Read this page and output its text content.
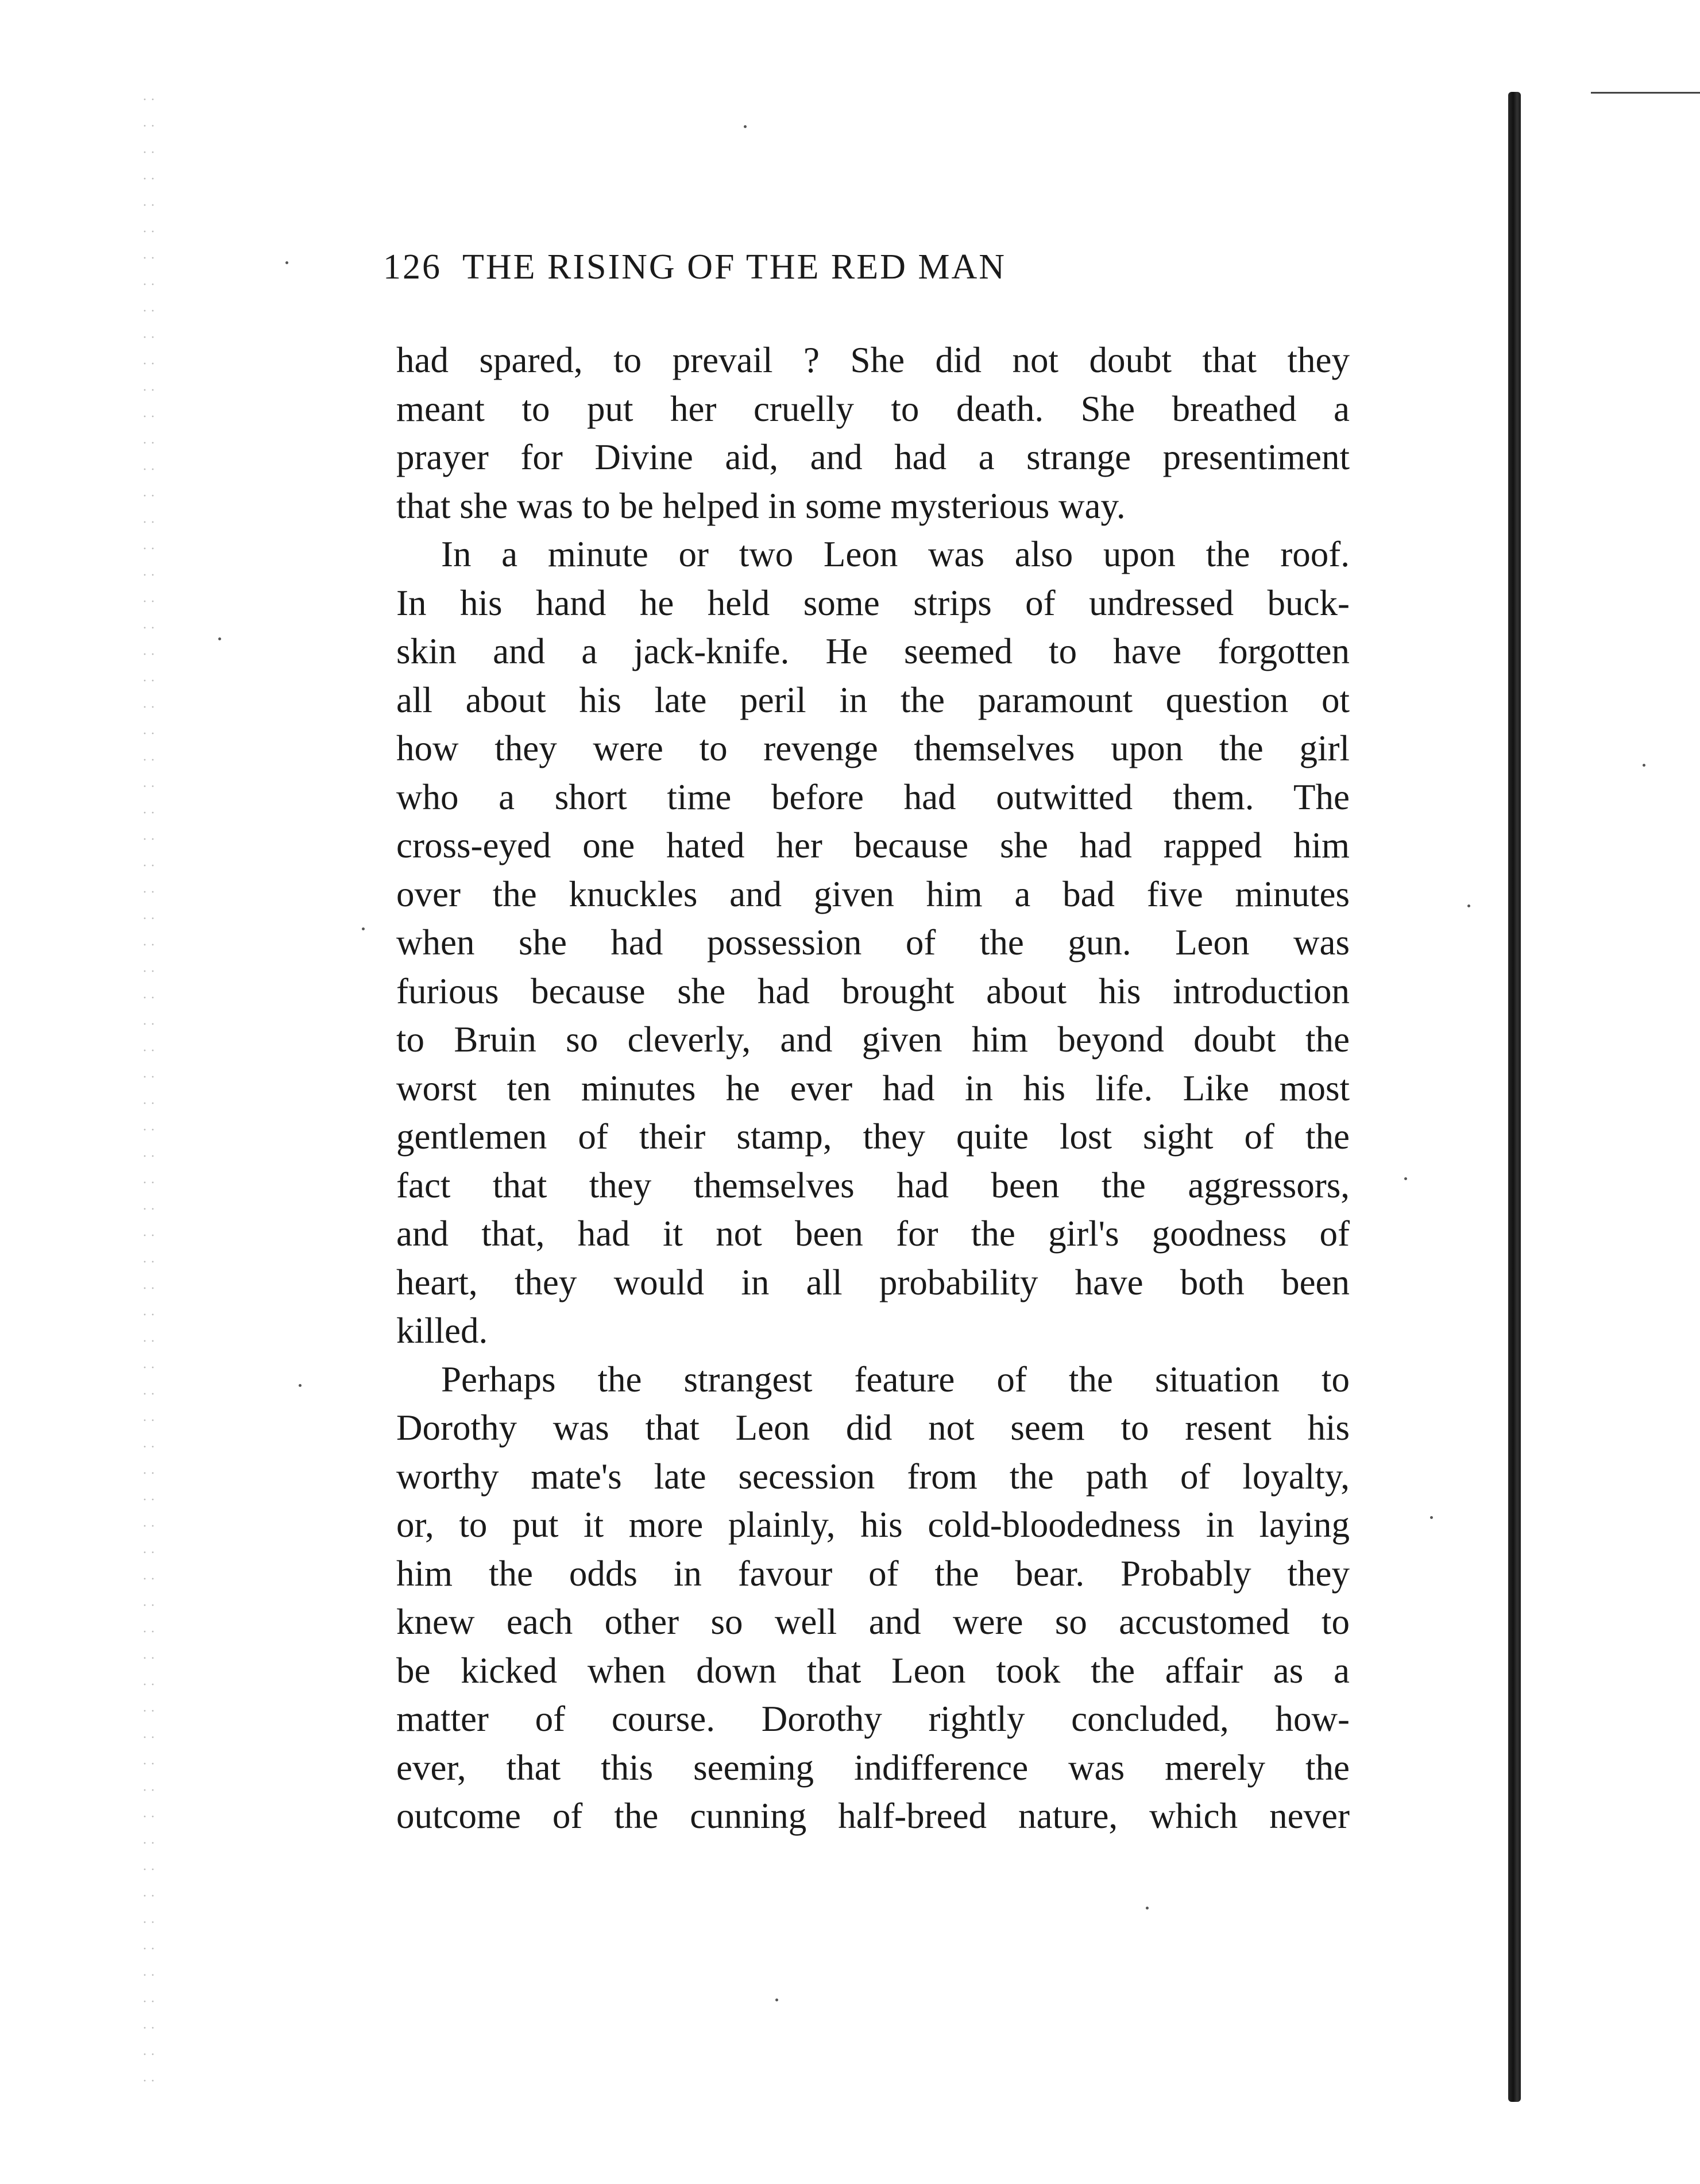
126 THE RISING OF THE RED MAN
had spared, to prevail ? She did not doubt that they
meant to put her cruelly to death. She breathed a
prayer for Divine aid, and had a strange presentiment
that she was to be helped in some mysterious way.
In a minute or two Leon was also upon the roof.
In his hand he held some strips of undressed buck-
skin and a jack-knife. He seemed to have forgotten
all about his late peril in the paramount question ot
how they were to revenge themselves upon the girl
who a short time before had outwitted them. The
cross-eyed one hated her because she had rapped him
over the knuckles and given him a bad five minutes
when she had possession of the gun. Leon was
furious because she had brought about his introduction
to Bruin so cleverly, and given him beyond doubt the
worst ten minutes he ever had in his life. Like most
gentlemen of their stamp, they quite lost sight of the
fact that they themselves had been the aggressors,
and that, had it not been for the girl's goodness of
heart, they would in all probability have both been
killed.
Perhaps the strangest feature of the situation to
Dorothy was that Leon did not seem to resent his
worthy mate's late secession from the path of loyalty,
or, to put it more plainly, his cold-bloodedness in laying
him the odds in favour of the bear. Probably they
knew each other so well and were so accustomed to
be kicked when down that Leon took the affair as a
matter of course. Dorothy rightly concluded, how-
ever, that this seeming indifference was merely the
outcome of the cunning half-breed nature, which never
